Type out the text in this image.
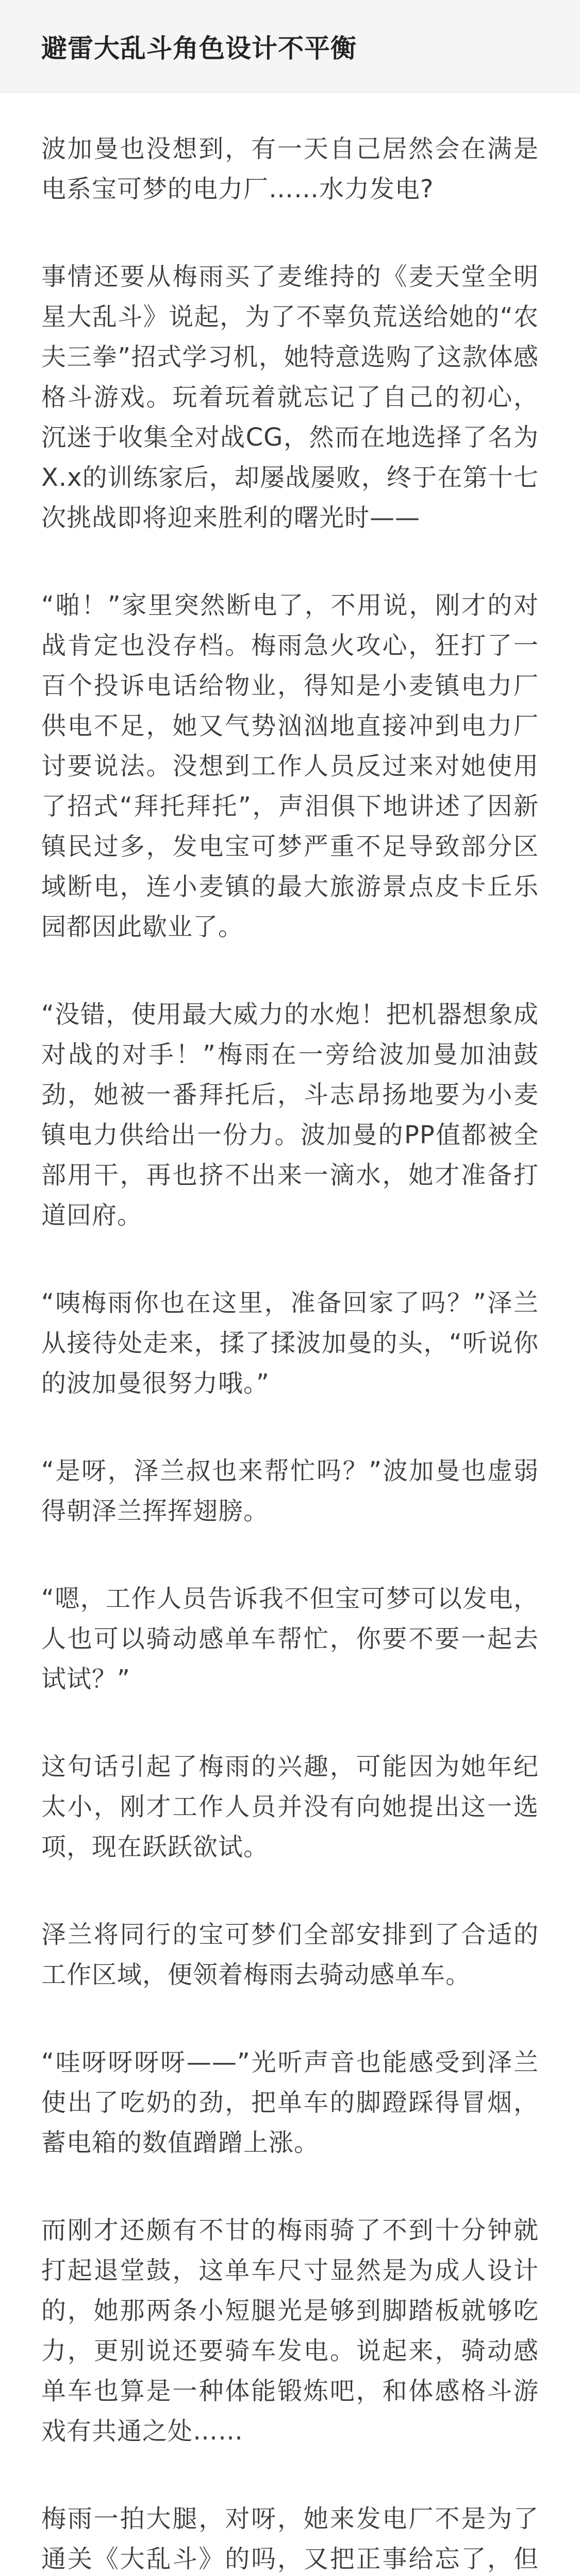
避雷大乱斗角色设计不平衡

波加曼也没想到，有一天自己居然会在满是电系宝可梦的电力厂……水力发电?

事情还要从梅雨买了麦维持的《麦天堂全明星大乱斗》说起，为了不辜负荒送给她的“农夫三拳”招式学习机，她特意选购了这款体感格斗游戏。玩着玩着就忘记了自己的初心，沉迷于收集全对战CG，然而在地选择了名为X.x的训练家后，却屡战屡败，终于在第十七次挑战即将迎来胜利的曙光时——

“啪！”家里突然断电了，不用说，刚才的对战肯定也没存档。梅雨急火攻心，狂打了一百个投诉电话给物业，得知是小麦镇电力厂供电不足，她又气势汹汹地直接冲到电力厂讨要说法。没想到工作人员反过来对她使用了招式“拜托拜托”，声泪俱下地讲述了因新镇民过多，发电宝可梦严重不足导致部分区域断电，连小麦镇的最大旅游景点皮卡丘乐园都因此歇业了。

“没错，使用最大威力的水炮！把机器想象成对战的对手！”梅雨在一旁给波加曼加油鼓劲，她被一番拜托后，斗志昂扬地要为小麦镇电力供给出一份力。波加曼的PP值都被全部用干，再也挤不出来一滴水，她才准备打道回府。

“咦梅雨你也在这里，准备回家了吗？”泽兰从接待处走来，揉了揉波加曼的头，“听说你的波加曼很努力哦。”

“是呀，泽兰叔也来帮忙吗？”波加曼也虚弱得朝泽兰挥挥翅膀。

“嗯，工作人员告诉我不但宝可梦可以发电，人也可以骑动感单车帮忙，你要不要一起去试试？”

这句话引起了梅雨的兴趣，可能因为她年纪太小，刚才工作人员并没有向她提出这一选项，现在跃跃欲试。

泽兰将同行的宝可梦们全部安排到了合适的工作区域，便领着梅雨去骑动感单车。

“哇呀呀呀呀——”光听声音也能感受到泽兰使出了吃奶的劲，把单车的脚蹬踩得冒烟，蓄电箱的数值蹭蹭上涨。

而刚才还颇有不甘的梅雨骑了不到十分钟就打起退堂鼓，这单车尺寸显然是为成人设计的，她那两条小短腿光是够到脚踏板就够吃力，更别说还要骑车发电。说起来，骑动感单车也算是一种体能锻炼吧，和体感格斗游戏有共通之处……

梅雨一拍大腿，对呀，她来发电厂不是为了通关《大乱斗》的吗，又把正事给忘了，但
